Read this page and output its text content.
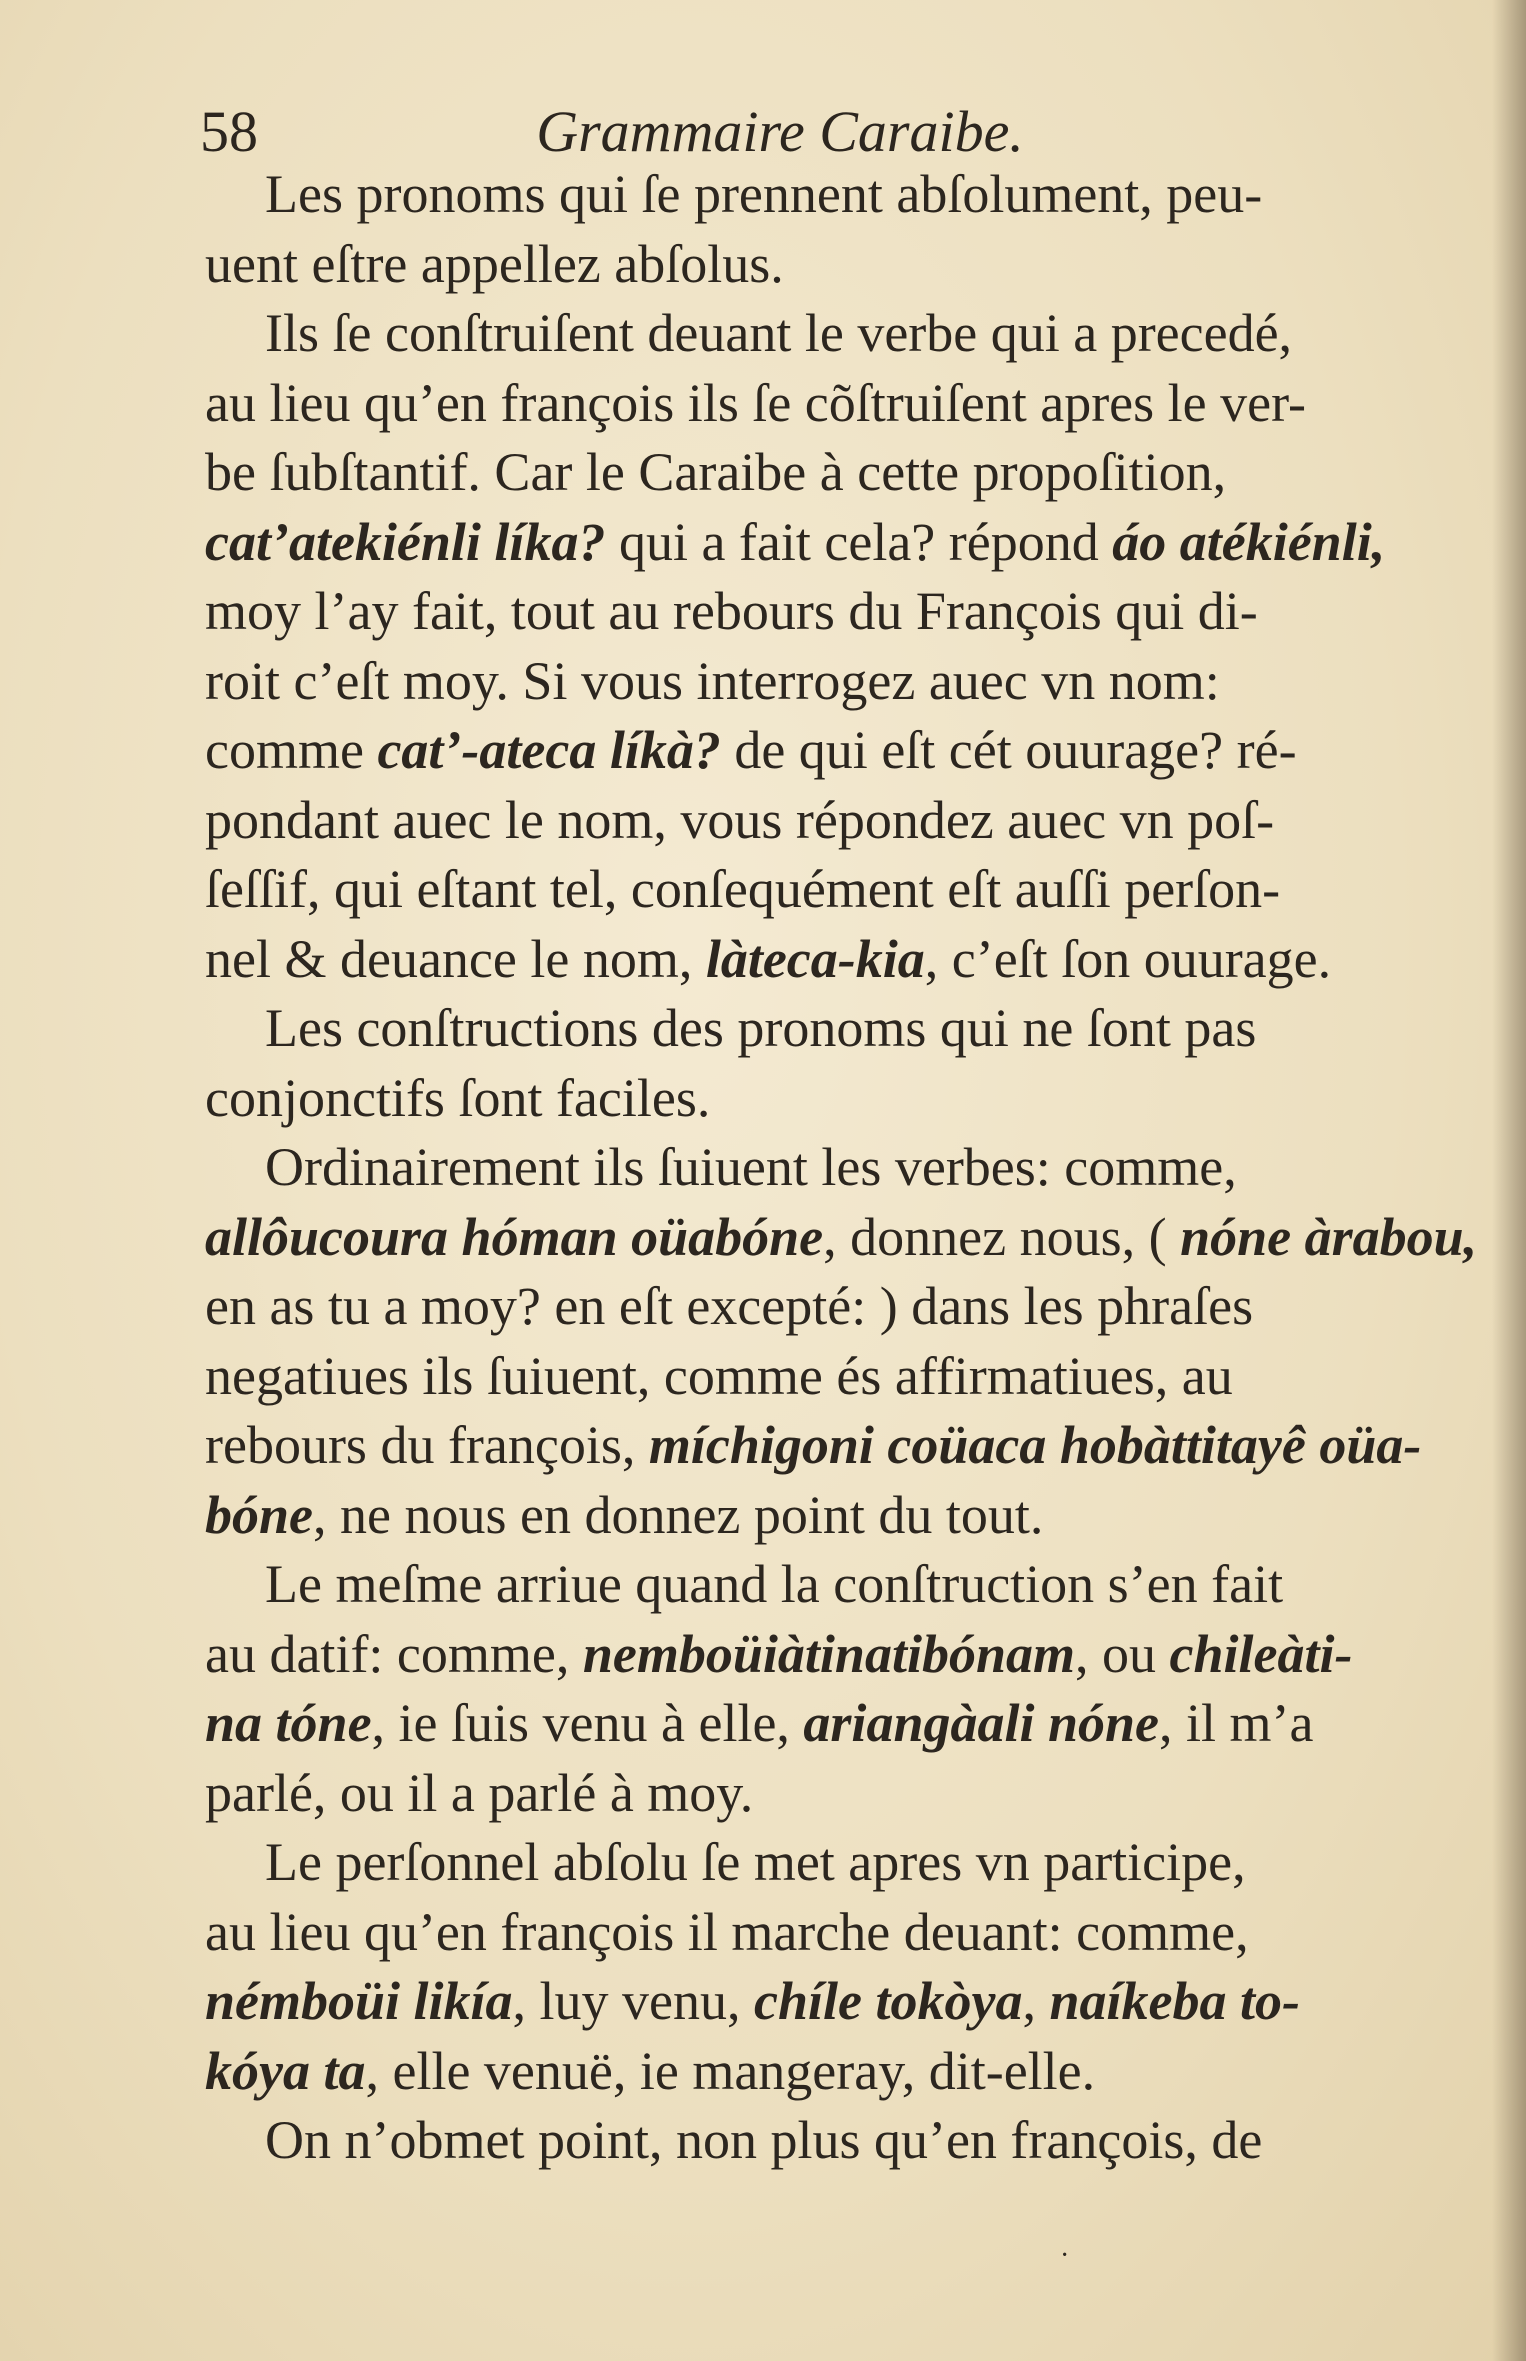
58	Grammaire Caraibe.
Les pronoms qui ſe prennent abſolument, peu-
uent eſtre appellez abſolus.
Ils ſe conſtruiſent deuant le verbe qui a precedé,
au lieu qu’en françois ils ſe cõſtruiſent apres le ver-
be ſubſtantif. Car le Caraibe à cette propoſition,
cat’atekiénli líka? qui a fait cela? répond áo atékiénli,
moy l’ay fait, tout au rebours du François qui di-
roit c’eſt moy. Si vous interrogez auec vn nom:
comme cat’-ateca líkà? de qui eſt cét ouurage? ré-
pondant auec le nom, vous répondez auec vn poſ-
ſeſſif, qui eſtant tel, conſequément eſt auſſi perſon-
nel & deuance le nom, làteca-kia, c’eſt ſon ouurage.
Les conſtructions des pronoms qui ne ſont pas
conjonctifs ſont faciles.
Ordinairement ils ſuiuent les verbes: comme,
allôucoura hóman oüabóne, donnez nous, ( nóne àrabou,
en as tu a moy? en eſt excepté: ) dans les phraſes
negatiues ils ſuiuent, comme és affirmatiues, au
rebours du françois, míchigoni coüaca hobàttitayê oüa-
bóne, ne nous en donnez point du tout.
Le meſme arriue quand la conſtruction s’en fait
au datif: comme, nemboüiàtinatibónam, ou chileàti-
na tóne, ie ſuis venu à elle, ariangàali nóne, il m’a
parlé, ou il a parlé à moy.
Le perſonnel abſolu ſe met apres vn participe,
au lieu qu’en françois il marche deuant: comme,
némboüi likía, luy venu, chíle tokòya, naíkeba to-
kóya ta, elle venuë, ie mangeray, dit-elle.
On n’obmet point, non plus qu’en françois, de
·
